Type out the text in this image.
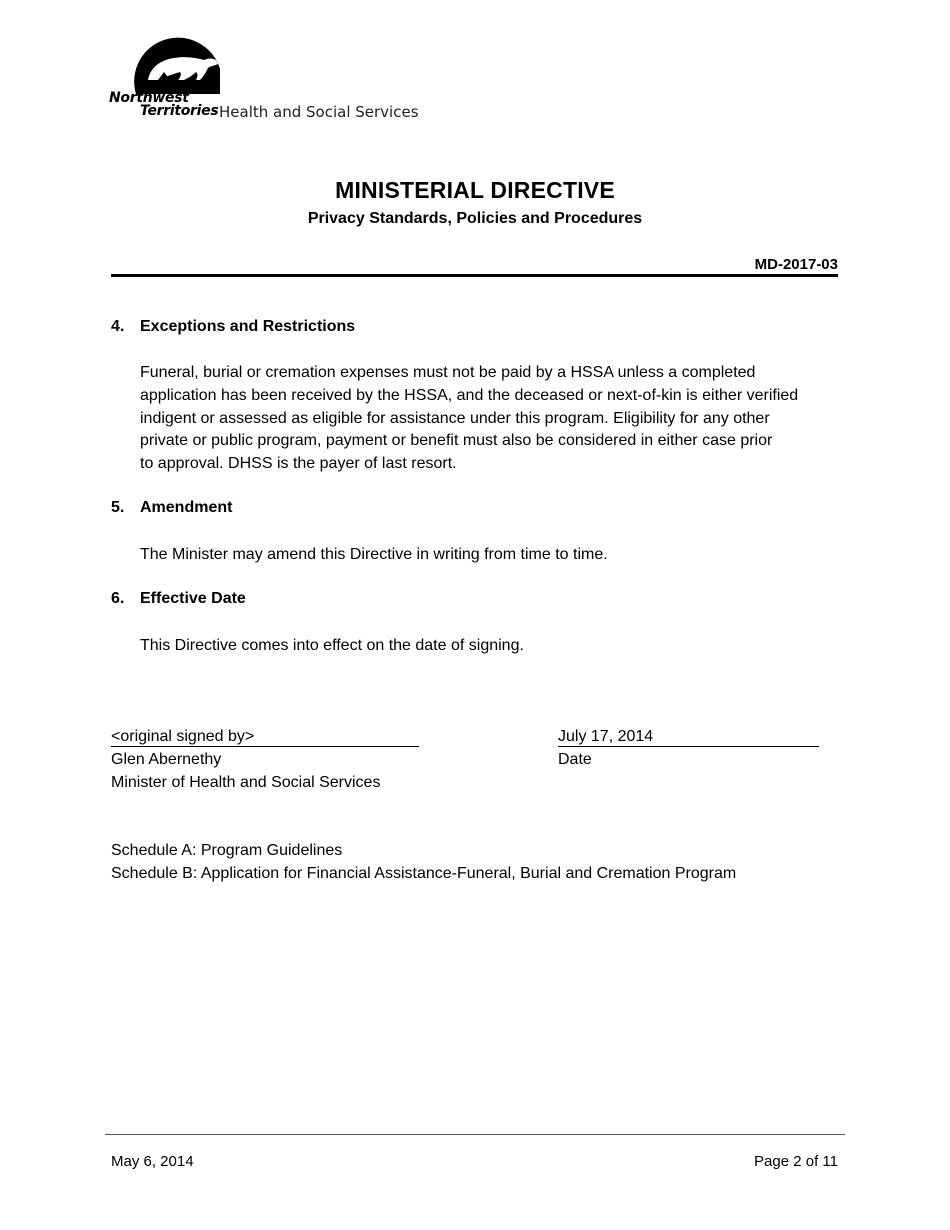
Northwest
Territories Health and Social Services
MINISTERIAL DIRECTIVE
Privacy Standards, Policies and Procedures
MD-2017-03
4. Exceptions and Restrictions
Funeral, burial or cremation expenses must not be paid by a HSSA unless a completed
application has been received by the HSSA, and the deceased or next-of-kin is either verified
indigent or assessed as eligible for assistance under this program. Eligibility for any other
private or public program, payment or benefit must also be considered in either case prior
to approval. DHSS is the payer of last resort.
5. Amendment
The Minister may amend this Directive in writing from time to time.
6. Effective Date
This Directive comes into effect on the date of signing.
<original signed by>
Glen Abernethy
Minister of Health and Social Services
July 17, 2014
Date
Schedule A: Program Guidelines
Schedule B: Application for Financial Assistance-Funeral, Burial and Cremation Program
May 6, 2014	Page 2 of 11
